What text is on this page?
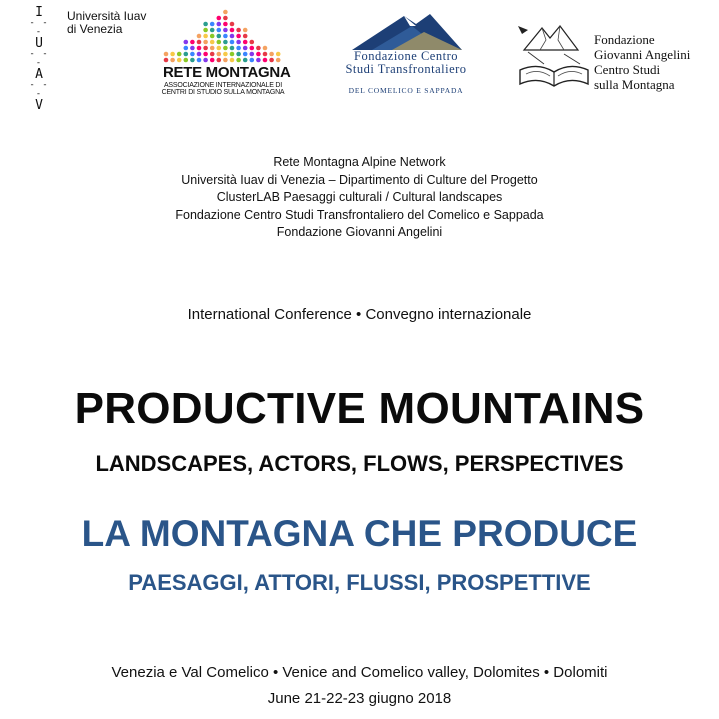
I
- - -
U
- - -
A
- - -
V
Università Iuav
di Venezia
RETE MONTAGNA
ASSOCIAZIONE INTERNAZIONALE DI
CENTRI DI STUDIO SULLA MONTAGNA
Fondazione Centro
Studi Transfrontaliero
DEL COMELICO E SAPPADA
Fondazione
Giovanni Angelini
Centro Studi
sulla Montagna
Rete Montagna Alpine Network
Università Iuav di Venezia – Dipartimento di Culture del Progetto
ClusterLAB Paesaggi culturali / Cultural landscapes
Fondazione Centro Studi Transfrontaliero del Comelico e Sappada
Fondazione Giovanni Angelini
International Conference • Convegno internazionale
PRODUCTIVE MOUNTAINS
LANDSCAPES, ACTORS, FLOWS, PERSPECTIVES
LA MONTAGNA CHE PRODUCE
PAESAGGI, ATTORI, FLUSSI, PROSPETTIVE
Venezia e Val Comelico • Venice and Comelico valley, Dolomites • Dolomiti
June 21-22-23 giugno 2018
